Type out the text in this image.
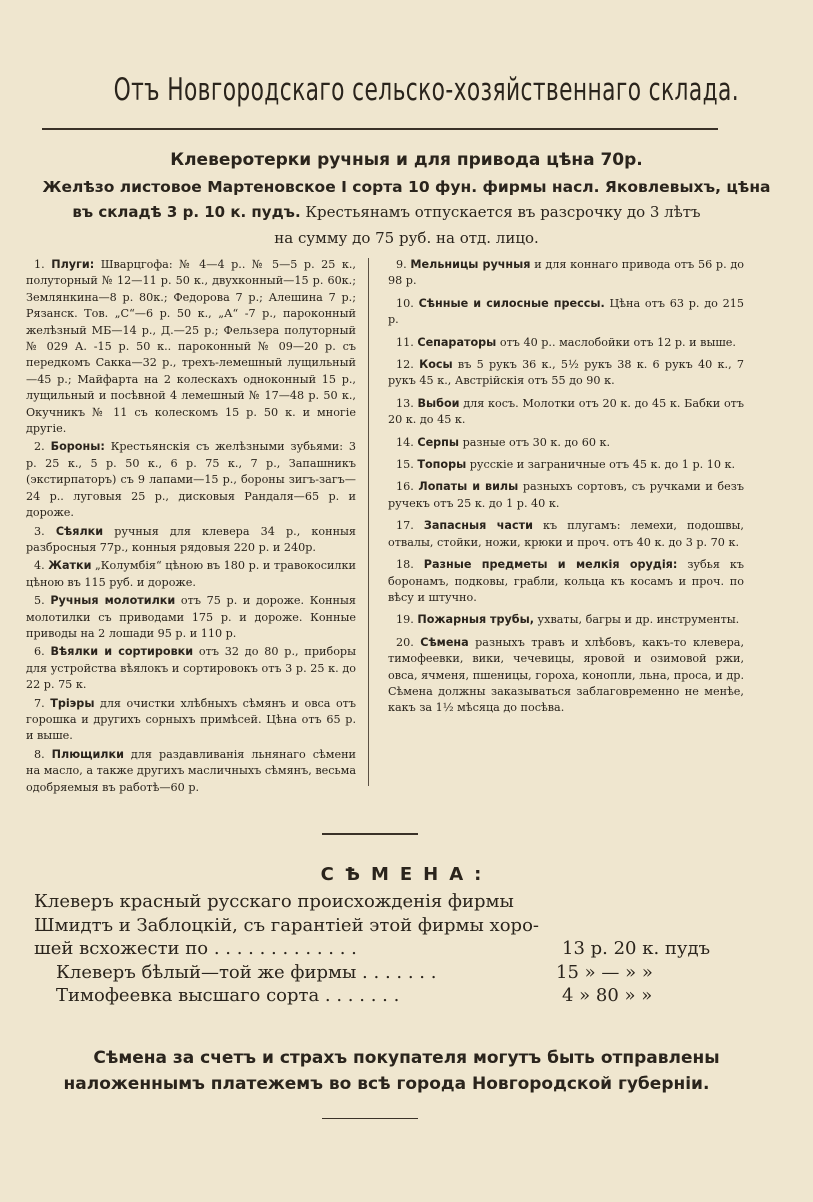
Отъ Новгородскаго сельско-хозяйственнаго склада.
Клеверотерки ручныя и для привода цѣна 70р.
Желѣзо листовое Мартеновское I сорта 10 фун. фирмы насл. Яковлевыхъ, цѣна
въ складѣ 3 р. 10 к. пудъ. Крестьянамъ отпускается въ разсрочку до 3 лѣтъ
на сумму до 75 руб. на отд. лицо.
1. Плуги: Шварцгофа: № 4—4 р.. № 5—5 р. 25 к., полуторный № 12—11 р. 50 к., двухконный—15 р. 60к.; Землянкина—8 р. 80к.; Федорова 7 р.; Алешина 7 р.; Рязанск. Тов. „С“—6 р. 50 к., „А“ -7 р., пароконный желѣзный МБ—14 р., Д.—25 р.; Фельзера полуторный № 029 А. -15 р. 50 к.. пароконный № 09—20 р. съ передкомъ Сакка—32 р., трехъ-лемешный лущильный—45 р.; Майфарта на 2 колескахъ одноконный 15 р., лущильный и посѣвной 4 лемешный № 17—48 р. 50 к., Окучникъ № 11 съ колескомъ 15 р. 50 к. и многіе другіе.
2. Бороны: Крестьянскія съ желѣзными зубьями: 3 р. 25 к., 5 р. 50 к., 6 р. 75 к., 7 р., Запашникъ (экстирпаторъ) съ 9 лапами—15 р., бороны зигъ-загъ—24 р.. луговыя 25 р., дисковыя Рандаля—65 р. и дороже.
3. Сѣялки ручныя для клевера 34 р., конныя разбросныя 77р., конныя рядовыя 220 р. и 240р.
4. Жатки „Колумбія“ цѣною въ 180 р. и травокосилки цѣною въ 115 руб. и дороже.
5. Ручныя молотилки отъ 75 р. и дороже. Конныя молотилки съ приводами 175 р. и дороже. Конные приводы на 2 лошади 95 р. и 110 р.
6. Вѣялки и сортировки отъ 32 до 80 р., приборы для устройства вѣялокъ и сортировокъ отъ 3 р. 25 к. до 22 р. 75 к.
7. Тріэры для очистки хлѣбныхъ сѣмянъ и овса отъ горошка и другихъ сорныхъ примѣсей. Цѣна отъ 65 р. и выше.
8. Плющилки для раздавливанія льнянаго сѣмени на масло, а также другихъ масличныхъ сѣмянъ, весьма одобряемыя въ работѣ—60 р.
9. Мельницы ручныя и для коннаго привода отъ 56 р. до 98 р.
10. Сѣнные и силосные прессы. Цѣна отъ 63 р. до 215 р.
11. Сепараторы отъ 40 р.. маслобойки отъ 12 р. и выше.
12. Косы въ 5 рукъ 36 к., 5½ рукъ 38 к. 6 рукъ 40 к., 7 рукъ 45 к., Австрійскія отъ 55 до 90 к.
13. Выбои для косъ. Молотки отъ 20 к. до 45 к. Бабки отъ 20 к. до 45 к.
14. Серпы разные отъ 30 к. до 60 к.
15. Топоры русскіе и заграничные отъ 45 к. до 1 р. 10 к.
16. Лопаты и вилы разныхъ сортовъ, съ ручками и безъ ручекъ отъ 25 к. до 1 р. 40 к.
17. Запасныя части къ плугамъ: лемехи, подошвы, отвалы, стойки, ножи, крюки и проч. отъ 40 к. до 3 р. 70 к.
18. Разные предметы и мелкія орудія: зубья къ боронамъ, подковы, грабли, кольца къ косамъ и проч. по вѣсу и штучно.
19. Пожарныя трубы, ухваты, багры и др. инструменты.
20. Сѣмена разныхъ травъ и хлѣбовъ, какъ-то клевера, тимофеевки, вики, чечевицы, яровой и озимовой ржи, овса, ячменя, пшеницы, гороха, конопли, льна, проса, и др. Сѣмена должны заказываться заблаговременно не менѣе, какъ за 1½ мѣсяца до посѣва.
СѢМЕНА:
Клеверъ красный русскаго происхожденія фирмы
Шмидтъ и Заблоцкій, съ гарантіей этой фирмы хоро-
шей всхожести по . . . . . . . . . . . . .	13 р. 20 к. пудъ
Клеверъ бѣлый—той же фирмы . . . . . . .	15 » — » »
Тимофеевка высшаго сорта . . . . . . .	4 » 80 » »
Сѣмена за счетъ и страхъ покупателя могутъ быть отправлены
наложеннымъ платежемъ во всѣ города Новгородской губерніи.
